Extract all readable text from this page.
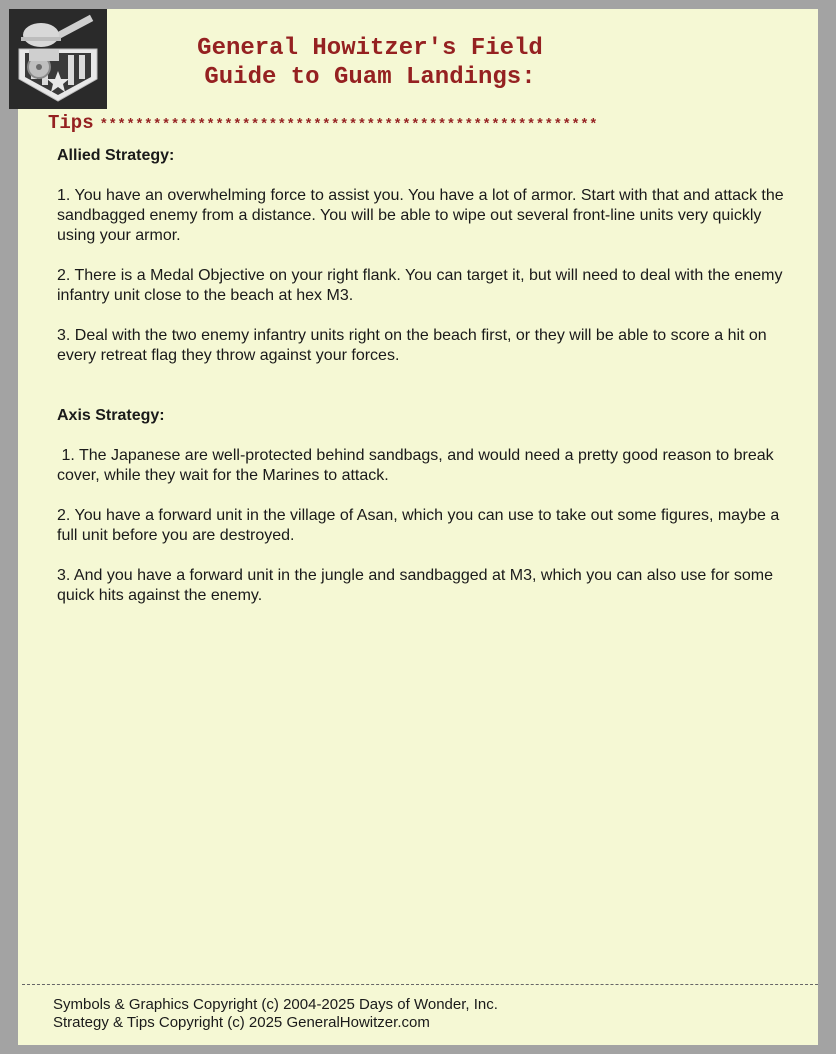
General Howitzer's Field
Guide to Guam Landings:
Tips ********************************************************

Allied Strategy:

1. You have an overwhelming force to assist you. You have a lot of armor. Start with that and attack the sandbagged enemy from a distance. You will be able to wipe out several front-line units very quickly using your armor.

2. There is a Medal Objective on your right flank. You can target it, but will need to deal with the enemy infantry unit close to the beach at hex M3.

3. Deal with the two enemy infantry units right on the beach first, or they will be able to score a hit on every retreat flag they throw against your forces.

Axis Strategy:

1. The Japanese are well-protected behind sandbags, and would need a pretty good reason to break cover, while they wait for the Marines to attack.

2. You have a forward unit in the village of Asan, which you can use to take out some figures, maybe a full unit before you are destroyed.

3. And you have a forward unit in the jungle and sandbagged at M3, which you can also use for some quick hits against the enemy.

Symbols & Graphics Copyright (c) 2004-2025 Days of Wonder, Inc.
Strategy & Tips Copyright (c) 2025 GeneralHowitzer.com
